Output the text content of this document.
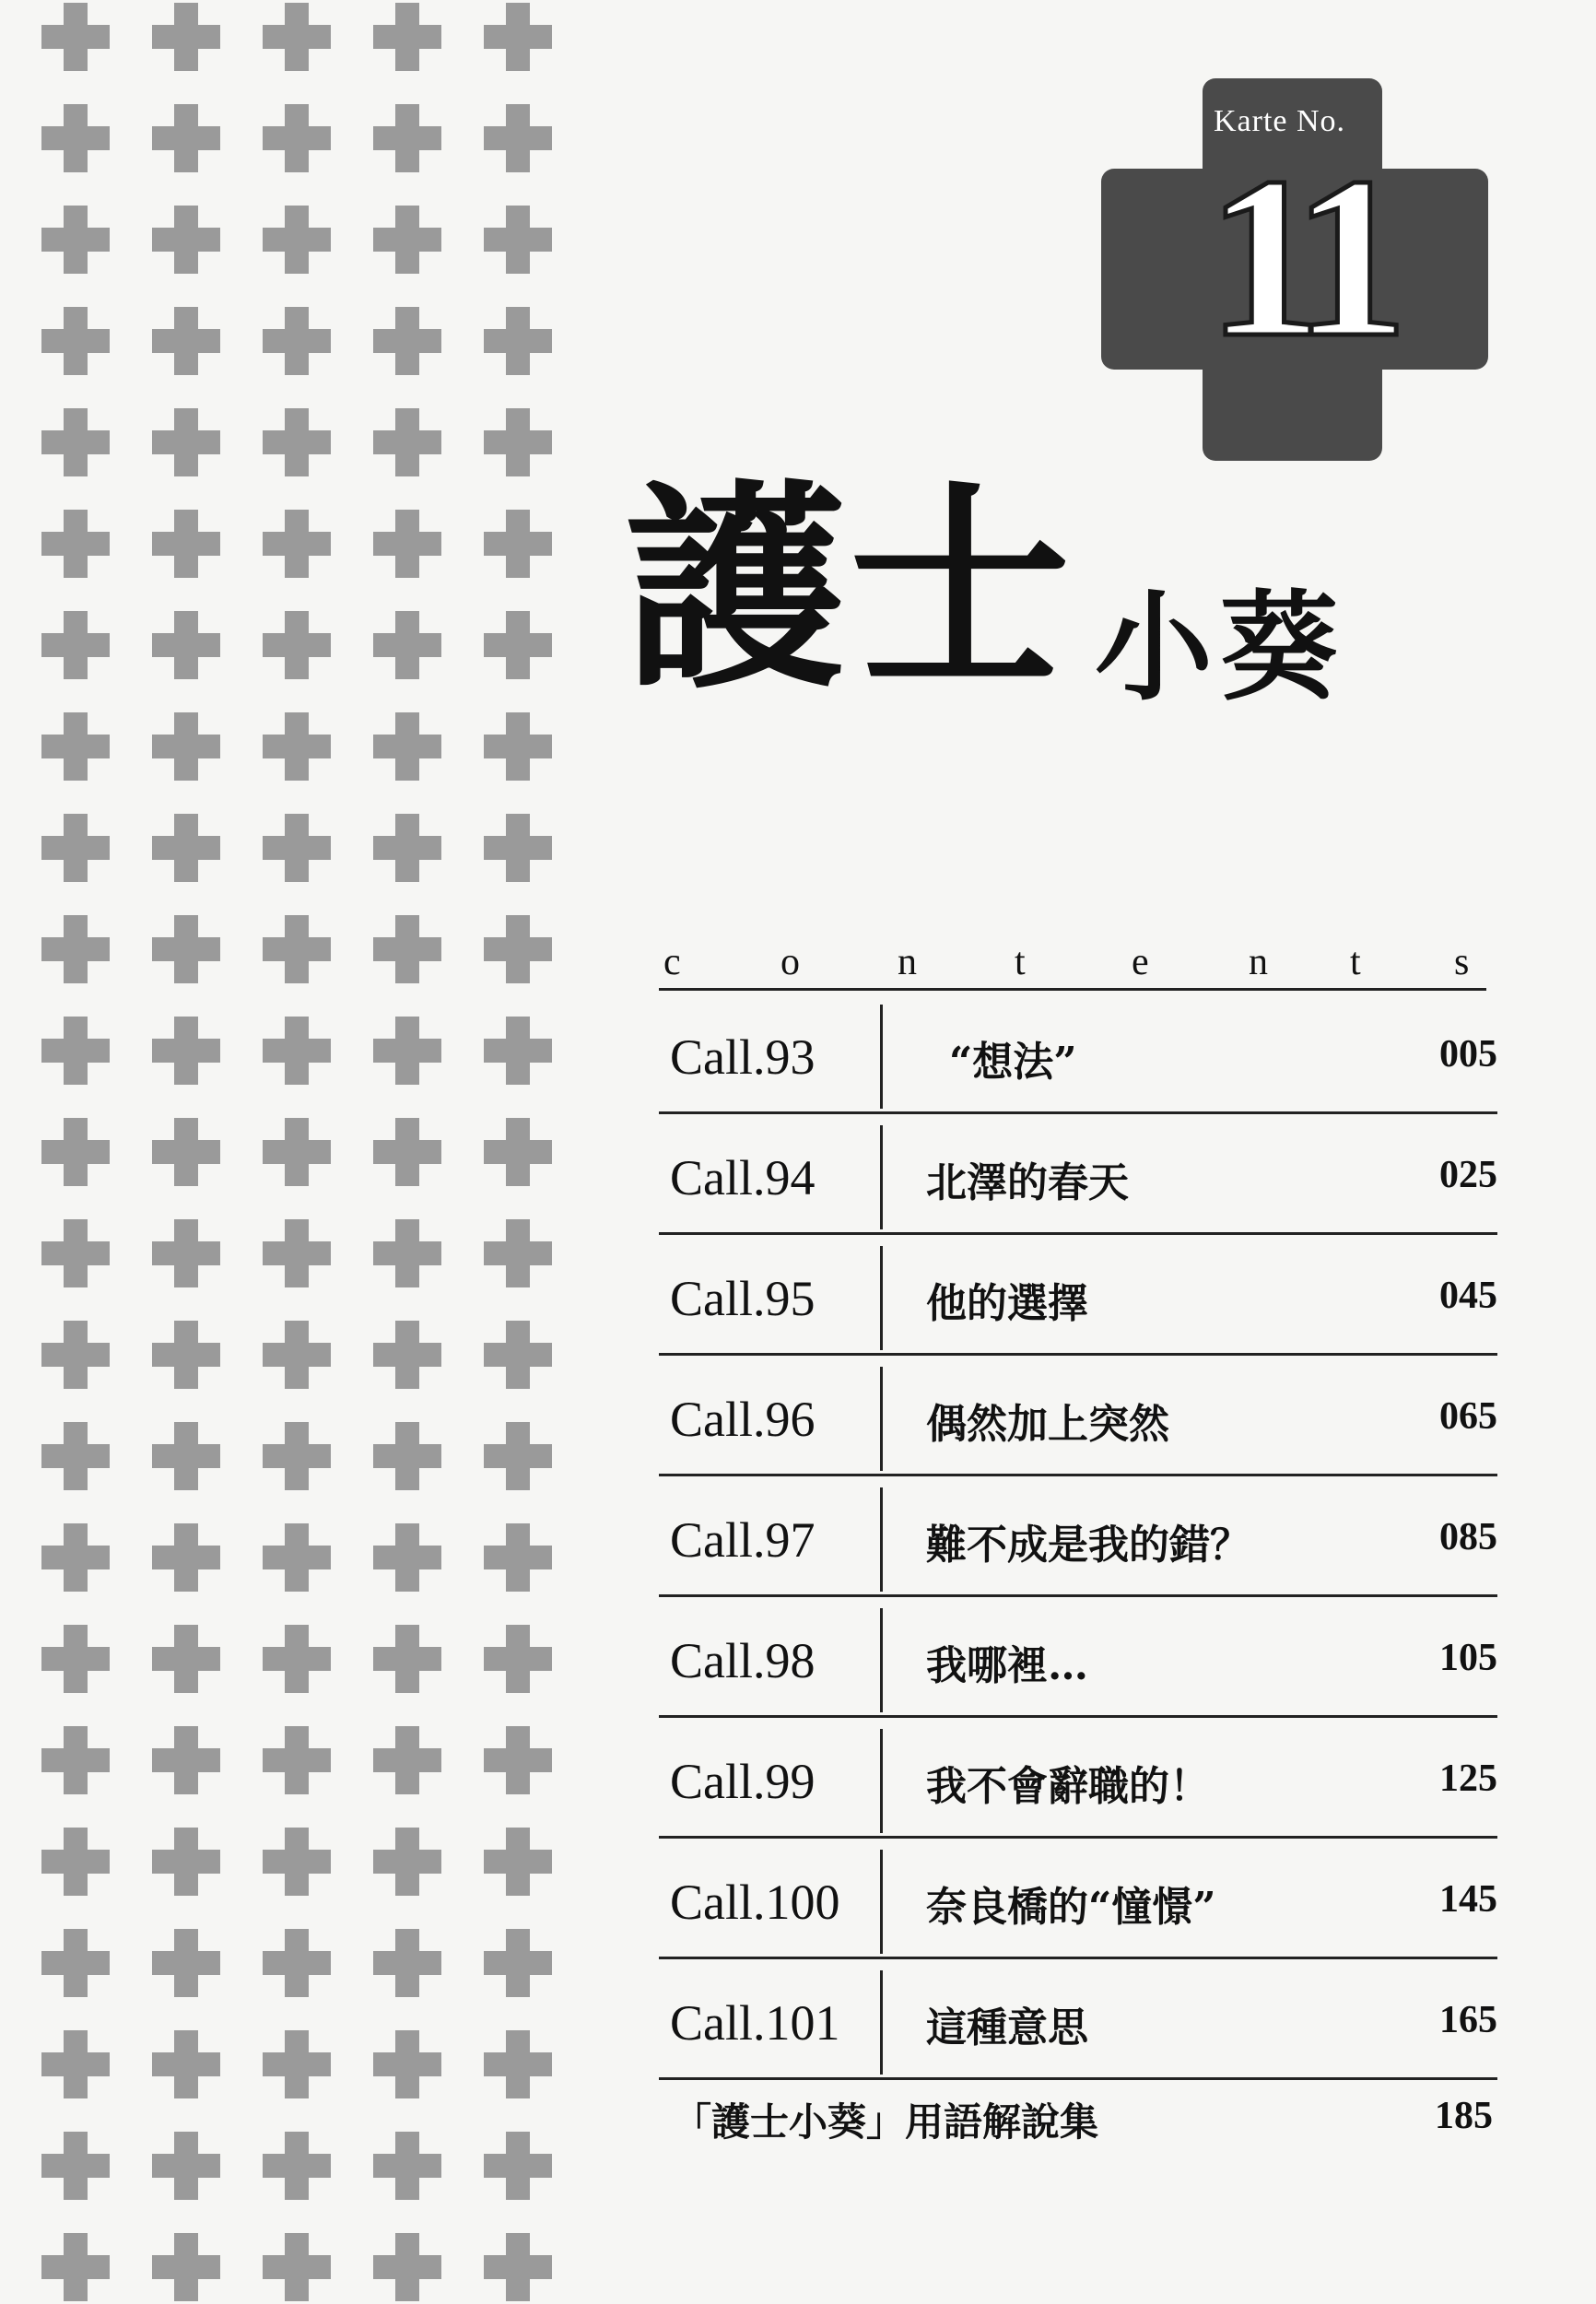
Karte No.
11
護士 小葵
c	o	n	t	e	n t s
Call.93	“想法”	005
Call.94	北澤的春天	025
Call.95	他的選擇	045
Call.96	偶然加上突然	065
Call.97	難不成是我的錯？	085
Call.98	我哪裡…	105
Call.99	我不會辭職的！	125
Call.100 奈良橋的“憧憬”	145
Call.101 這種意思	165
「護士小葵」用語解說集	185
